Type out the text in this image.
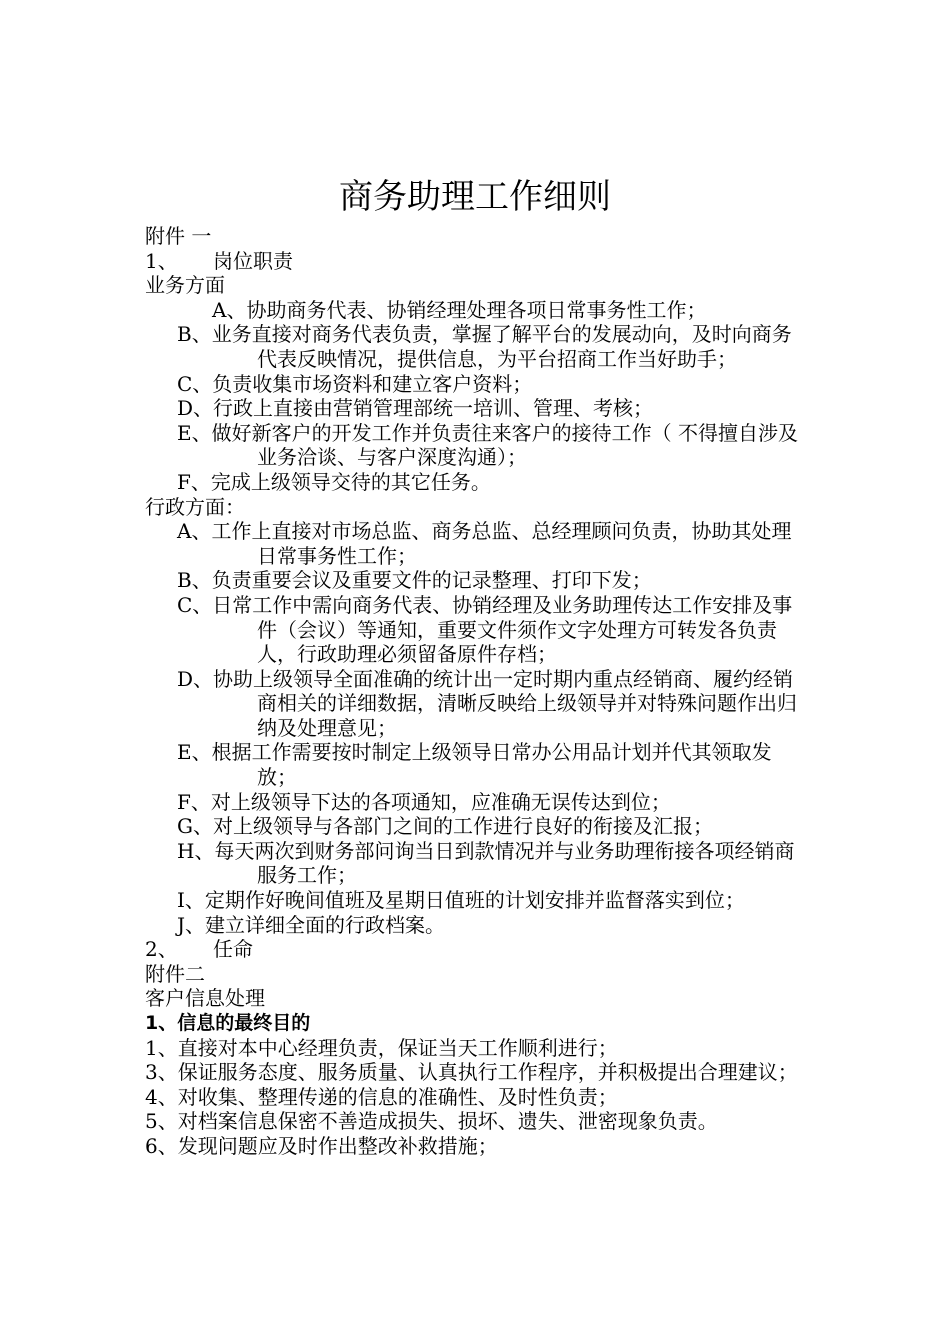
商务助理工作细则

附件 一

1、	岗位职责

业务方面

A、协助商务代表、协销经理处理各项日常事务性工作；

B、业务直接对商务代表负责，掌握了解平台的发展动向，及时向商务代表反映情况，提供信息，为平台招商工作当好助手；

C、负责收集市场资料和建立客户资料；

D、行政上直接由营销管理部统一培训、管理、考核；

E、做好新客户的开发工作并负责往来客户的接待工作（ 不得擅自涉及业务洽谈、与客户深度沟通）；

F、完成上级领导交待的其它任务。

行政方面：

A、工作上直接对市场总监、商务总监、总经理顾问负责，协助其处理日常事务性工作；

B、负责重要会议及重要文件的记录整理、打印下发；

C、日常工作中需向商务代表、协销经理及业务助理传达工作安排及事件（会议）等通知，重要文件须作文字处理方可转发各负责人，行政助理必须留备原件存档；

D、协助上级领导全面准确的统计出一定时期内重点经销商、履约经销商相关的详细数据，清晰反映给上级领导并对特殊问题作出归纳及处理意见；

E、根据工作需要按时制定上级领导日常办公用品计划并代其领取发放；

F、对上级领导下达的各项通知，应准确无误传达到位；

G、对上级领导与各部门之间的工作进行良好的衔接及汇报；

H、每天两次到财务部问询当日到款情况并与业务助理衔接各项经销商服务工作；

I、定期作好晚间值班及星期日值班的计划安排并监督落实到位；

J、建立详细全面的行政档案。

2、	任命

附件二

客户信息处理

1、信息的最终目的

1、直接对本中心经理负责，保证当天工作顺利进行；

3、保证服务态度、服务质量、认真执行工作程序，并积极提出合理建议；

4、对收集、整理传递的信息的准确性、及时性负责；

5、对档案信息保密不善造成损失、损坏、遗失、泄密现象负责。

6、发现问题应及时作出整改补救措施；
